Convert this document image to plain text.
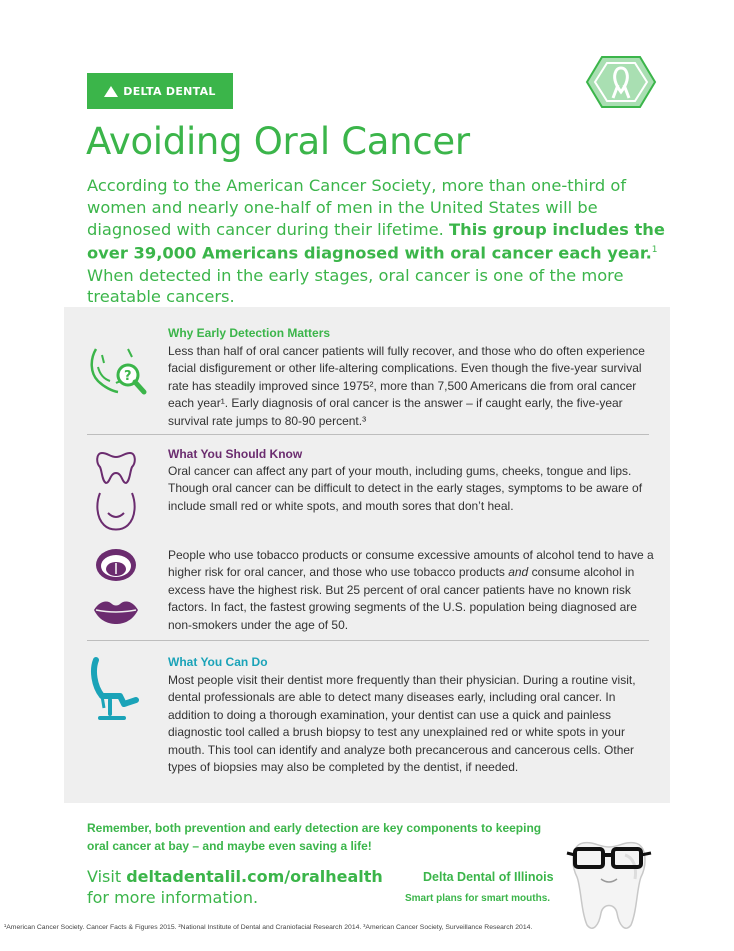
DELTA DENTAL
Avoiding Oral Cancer

According to the American Cancer Society, more than one-third of women and nearly one-half of men in the United States will be diagnosed with cancer during their lifetime. This group includes the over 39,000 Americans diagnosed with oral cancer each year.$^1$ When detected in the early stages, oral cancer is one of the more treatable cancers.

?

Why Early Detection Matters

Less than half of oral cancer patients will fully recover, and those who do often experience facial disfigurement or other life-altering complications. Even though the five-year survival rate has steadily improved since 1975², more than 7,500 Americans die from oral cancer each year¹. Early diagnosis of oral cancer is the answer – if caught early, the five-year survival rate jumps to 80-90 percent.³

What You Should Know

Oral cancer can affect any part of your mouth, including gums, cheeks, tongue and lips. Though oral cancer can be difficult to detect in the early stages, symptoms to be aware of include small red or white spots, and mouth sores that don’t heal.

People who use tobacco products or consume excessive amounts of alcohol tend to have a higher risk for oral cancer, and those who use tobacco products and consume alcohol in excess have the highest risk. But 25 percent of oral cancer patients have no known risk factors. In fact, the fastest growing segments of the U.S. population being diagnosed are non-smokers under the age of 50.

What You Can Do

Most people visit their dentist more frequently than their physician. During a routine visit, dental professionals are able to detect many diseases early, including oral cancer. In addition to doing a thorough examination, your dentist can use a quick and painless diagnostic tool called a brush biopsy to test any unexplained red or white spots in your mouth. This tool can identify and analyze both precancerous and cancerous cells. Other types of biopsies may also be completed by the dentist, if needed.

Remember, both prevention and early detection are key components to keeping oral cancer at bay – and maybe even saving a life!

Visit deltadentalil.com/oralhealth
for more information.

Delta Dental of Illinois

Smart plans for smart mouths.

¹American Cancer Society. Cancer Facts & Figures 2015. ²National Institute of Dental and Craniofacial Research 2014. ³American Cancer Society, Surveillance Research 2014.
